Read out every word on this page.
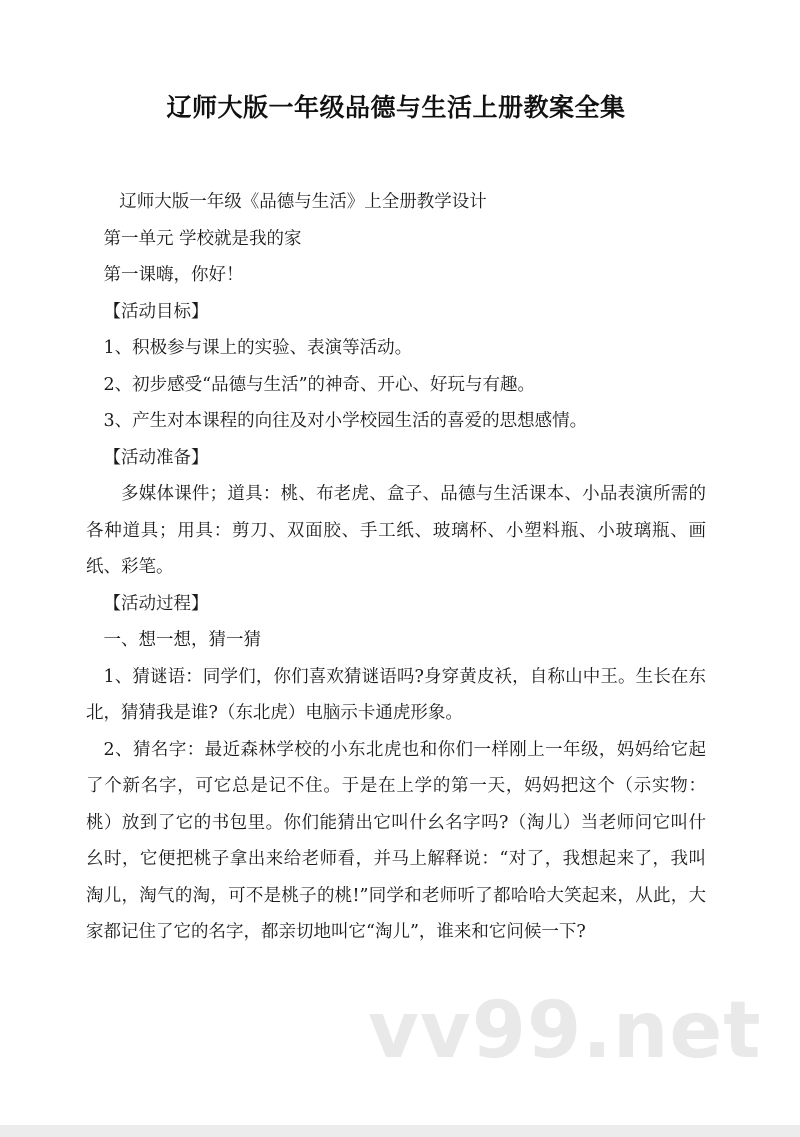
辽师大版一年级品德与生活上册教案全集

辽师大版一年级《品德与生活》上全册教学设计

第一单元 学校就是我的家

第一课嗨，你好！

【活动目标】

1、积极参与课上的实验、表演等活动。

2、初步感受“品德与生活”的神奇、开心、好玩与有趣。

3、产生对本课程的向往及对小学校园生活的喜爱的思想感情。

【活动准备】

多媒体课件；道具：桃、布老虎、盒子、品德与生活课本、小品表演所需的各种道具；用具：剪刀、双面胶、手工纸、玻璃杯、小塑料瓶、小玻璃瓶、画纸、彩笔。

【活动过程】

一、想一想，猜一猜

1、猜谜语：同学们，你们喜欢猜谜语吗?身穿黄皮袄，自称山中王。生长在东北，猜猜我是谁?（东北虎）电脑示卡通虎形象。

2、猜名字：最近森林学校的小东北虎也和你们一样刚上一年级，妈妈给它起了个新名字，可它总是记不住。于是在上学的第一天，妈妈把这个（示实物：桃）放到了它的书包里。你们能猜出它叫什幺名字吗?（淘儿）当老师问它叫什幺时，它便把桃子拿出来给老师看，并马上解释说：“对了，我想起来了，我叫淘儿，淘气的淘，可不是桃子的桃!”同学和老师听了都哈哈大笑起来，从此，大家都记住了它的名字，都亲切地叫它“淘儿”，谁来和它问候一下?

vv99.net
